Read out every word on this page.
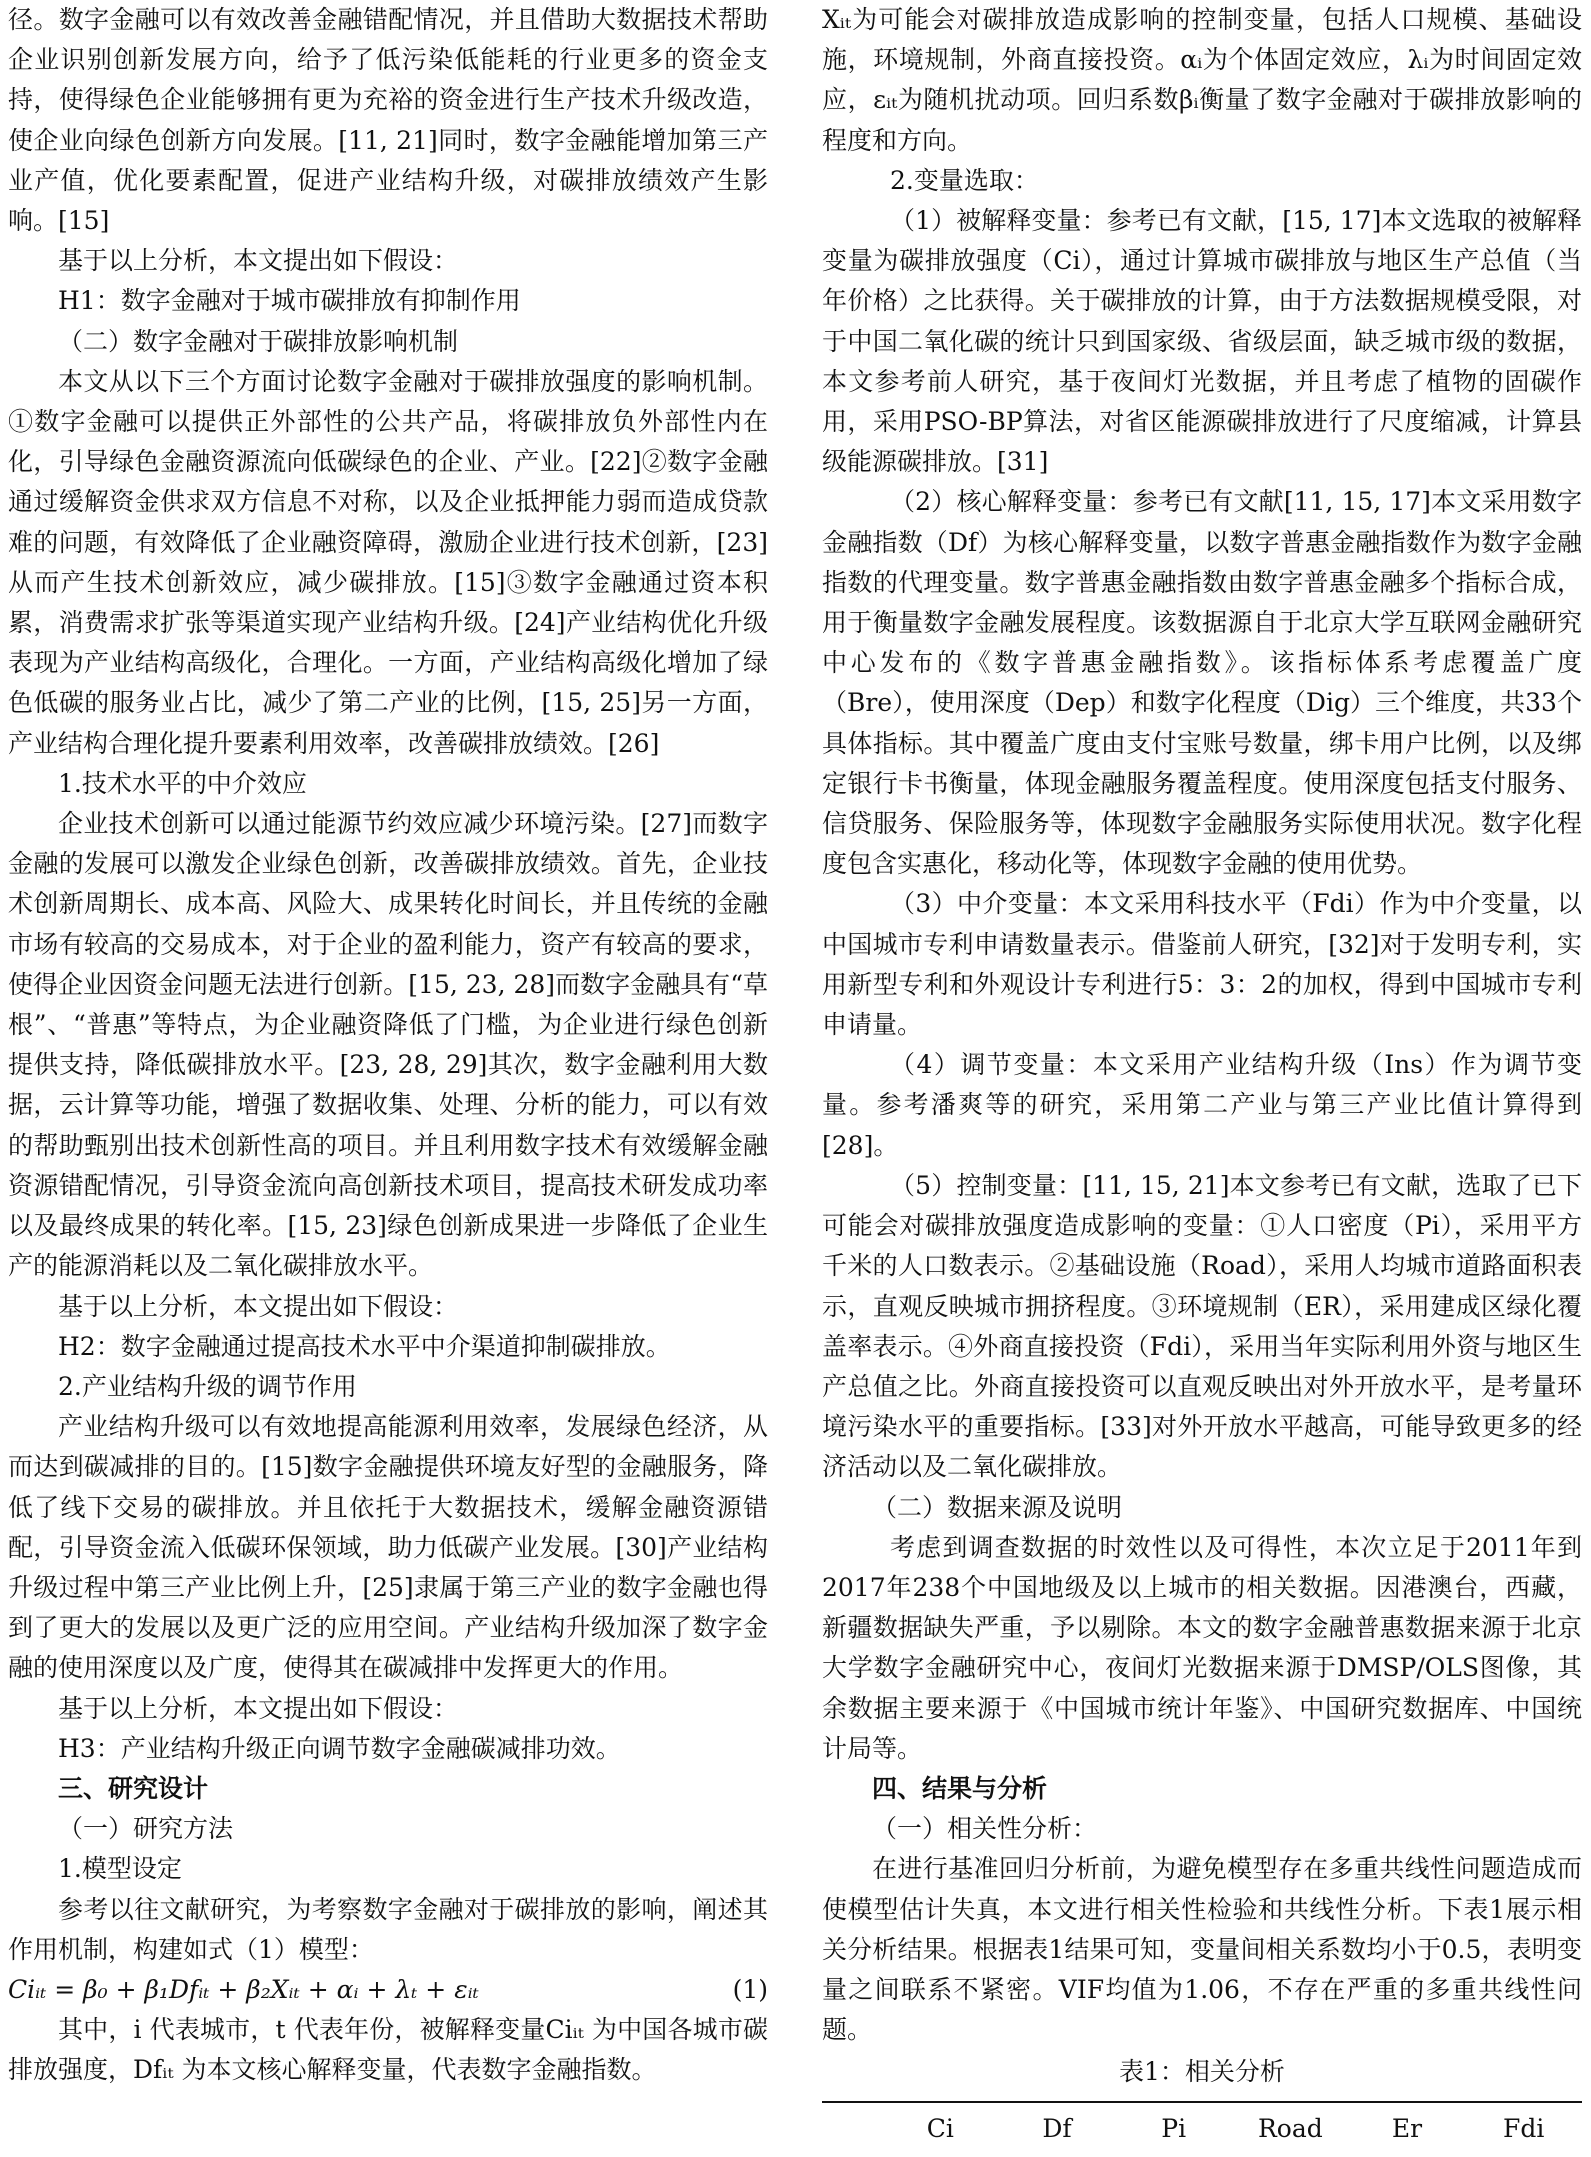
径。数字金融可以有效改善金融错配情况，并且借助大数据技术帮助企业识别创新发展方向，给予了低污染低能耗的行业更多的资金支持，使得绿色企业能够拥有更为充裕的资金进行生产技术升级改造，使企业向绿色创新方向发展。[11, 21]同时，数字金融能增加第三产业产值，优化要素配置，促进产业结构升级，对碳排放绩效产生影响。[15]

基于以上分析，本文提出如下假设：

H1：数字金融对于城市碳排放有抑制作用

（二）数字金融对于碳排放影响机制

本文从以下三个方面讨论数字金融对于碳排放强度的影响机制。①数字金融可以提供正外部性的公共产品，将碳排放负外部性内在化，引导绿色金融资源流向低碳绿色的企业、产业。[22]②数字金融通过缓解资金供求双方信息不对称，以及企业抵押能力弱而造成贷款难的问题，有效降低了企业融资障碍，激励企业进行技术创新，[23]从而产生技术创新效应，减少碳排放。[15]③数字金融通过资本积累，消费需求扩张等渠道实现产业结构升级。[24]产业结构优化升级表现为产业结构高级化，合理化。一方面，产业结构高级化增加了绿色低碳的服务业占比，减少了第二产业的比例，[15, 25]另一方面，产业结构合理化提升要素利用效率，改善碳排放绩效。[26]

1.技术水平的中介效应

企业技术创新可以通过能源节约效应减少环境污染。[27]而数字金融的发展可以激发企业绿色创新，改善碳排放绩效。首先，企业技术创新周期长、成本高、风险大、成果转化时间长，并且传统的金融市场有较高的交易成本，对于企业的盈利能力，资产有较高的要求，使得企业因资金问题无法进行创新。[15, 23, 28]而数字金融具有“草根”、“普惠”等特点，为企业融资降低了门槛，为企业进行绿色创新提供支持，降低碳排放水平。[23, 28, 29]其次，数字金融利用大数据，云计算等功能，增强了数据收集、处理、分析的能力，可以有效的帮助甄别出技术创新性高的项目。并且利用数字技术有效缓解金融资源错配情况，引导资金流向高创新技术项目，提高技术研发成功率以及最终成果的转化率。[15, 23]绿色创新成果进一步降低了企业生产的能源消耗以及二氧化碳排放水平。

基于以上分析，本文提出如下假设：

H2：数字金融通过提高技术水平中介渠道抑制碳排放。

2.产业结构升级的调节作用

产业结构升级可以有效地提高能源利用效率，发展绿色经济，从而达到碳减排的目的。[15]数字金融提供环境友好型的金融服务，降低了线下交易的碳排放。并且依托于大数据技术，缓解金融资源错配，引导资金流入低碳环保领域，助力低碳产业发展。[30]产业结构升级过程中第三产业比例上升，[25]隶属于第三产业的数字金融也得到了更大的发展以及更广泛的应用空间。产业结构升级加深了数字金融的使用深度以及广度，使得其在碳减排中发挥更大的作用。

基于以上分析，本文提出如下假设：

H3：产业结构升级正向调节数字金融碳减排功效。

三、研究设计

（一）研究方法

1.模型设定

参考以往文献研究，为考察数字金融对于碳排放的影响，阐述其作用机制，构建如式（1）模型：

Ciᵢₜ = β₀ + β₁Dfᵢₜ + β₂Xᵢₜ + αᵢ + λₜ + εᵢₜ	(1)

其中，i 代表城市，t 代表年份，被解释变量Ciᵢₜ 为中国各城市碳排放强度，Dfᵢₜ 为本文核心解释变量，代表数字金融指数。

Xᵢₜ为可能会对碳排放造成影响的控制变量，包括人口规模、基础设施，环境规制，外商直接投资。αᵢ为个体固定效应，λᵢ为时间固定效应，εᵢₜ为随机扰动项。回归系数βᵢ衡量了数字金融对于碳排放影响的程度和方向。

2.变量选取：

（1）被解释变量：参考已有文献，[15, 17]本文选取的被解释变量为碳排放强度（Ci），通过计算城市碳排放与地区生产总值（当年价格）之比获得。关于碳排放的计算，由于方法数据规模受限，对于中国二氧化碳的统计只到国家级、省级层面，缺乏城市级的数据，本文参考前人研究，基于夜间灯光数据，并且考虑了植物的固碳作用，采用PSO-BP算法，对省区能源碳排放进行了尺度缩减，计算县级能源碳排放。[31]

（2）核心解释变量：参考已有文献[11, 15, 17]本文采用数字金融指数（Df）为核心解释变量，以数字普惠金融指数作为数字金融指数的代理变量。数字普惠金融指数由数字普惠金融多个指标合成，用于衡量数字金融发展程度。该数据源自于北京大学互联网金融研究中心发布的《数字普惠金融指数》。该指标体系考虑覆盖广度（Bre），使用深度（Dep）和数字化程度（Dig）三个维度，共33个具体指标。其中覆盖广度由支付宝账号数量，绑卡用户比例，以及绑定银行卡书衡量，体现金融服务覆盖程度。使用深度包括支付服务、信贷服务、保险服务等，体现数字金融服务实际使用状况。数字化程度包含实惠化，移动化等，体现数字金融的使用优势。

（3）中介变量：本文采用科技水平（Fdi）作为中介变量，以中国城市专利申请数量表示。借鉴前人研究，[32]对于发明专利，实用新型专利和外观设计专利进行5：3：2的加权，得到中国城市专利申请量。

（4）调节变量：本文采用产业结构升级（Ins）作为调节变量。参考潘爽等的研究，采用第二产业与第三产业比值计算得到[28]。

（5）控制变量：[11, 15, 21]本文参考已有文献，选取了已下可能会对碳排放强度造成影响的变量：①人口密度（Pi），采用平方千米的人口数表示。②基础设施（Road），采用人均城市道路面积表示，直观反映城市拥挤程度。③环境规制（ER），采用建成区绿化覆盖率表示。④外商直接投资（Fdi），采用当年实际利用外资与地区生产总值之比。外商直接投资可以直观反映出对外开放水平，是考量环境污染水平的重要指标。[33]对外开放水平越高，可能导致更多的经济活动以及二氧化碳排放。

（二）数据来源及说明

考虑到调查数据的时效性以及可得性，本次立足于2011年到2017年238个中国地级及以上城市的相关数据。因港澳台，西藏，新疆数据缺失严重，予以剔除。本文的数字金融普惠数据来源于北京大学数字金融研究中心，夜间灯光数据来源于DMSP/OLS图像，其余数据主要来源于《中国城市统计年鉴》、中国研究数据库、中国统计局等。

四、结果与分析

（一）相关性分析：

在进行基准回归分析前，为避免模型存在多重共线性问题造成而使模型估计失真，本文进行相关性检验和共线性分析。下表1展示相关分析结果。根据表1结果可知，变量间相关系数均小于0.5，表明变量之间联系不紧密。VIF均值为1.06，不存在严重的多重共线性问题。

表1：相关分析
Ci	Df	Pi	Road	Er	Fdi
